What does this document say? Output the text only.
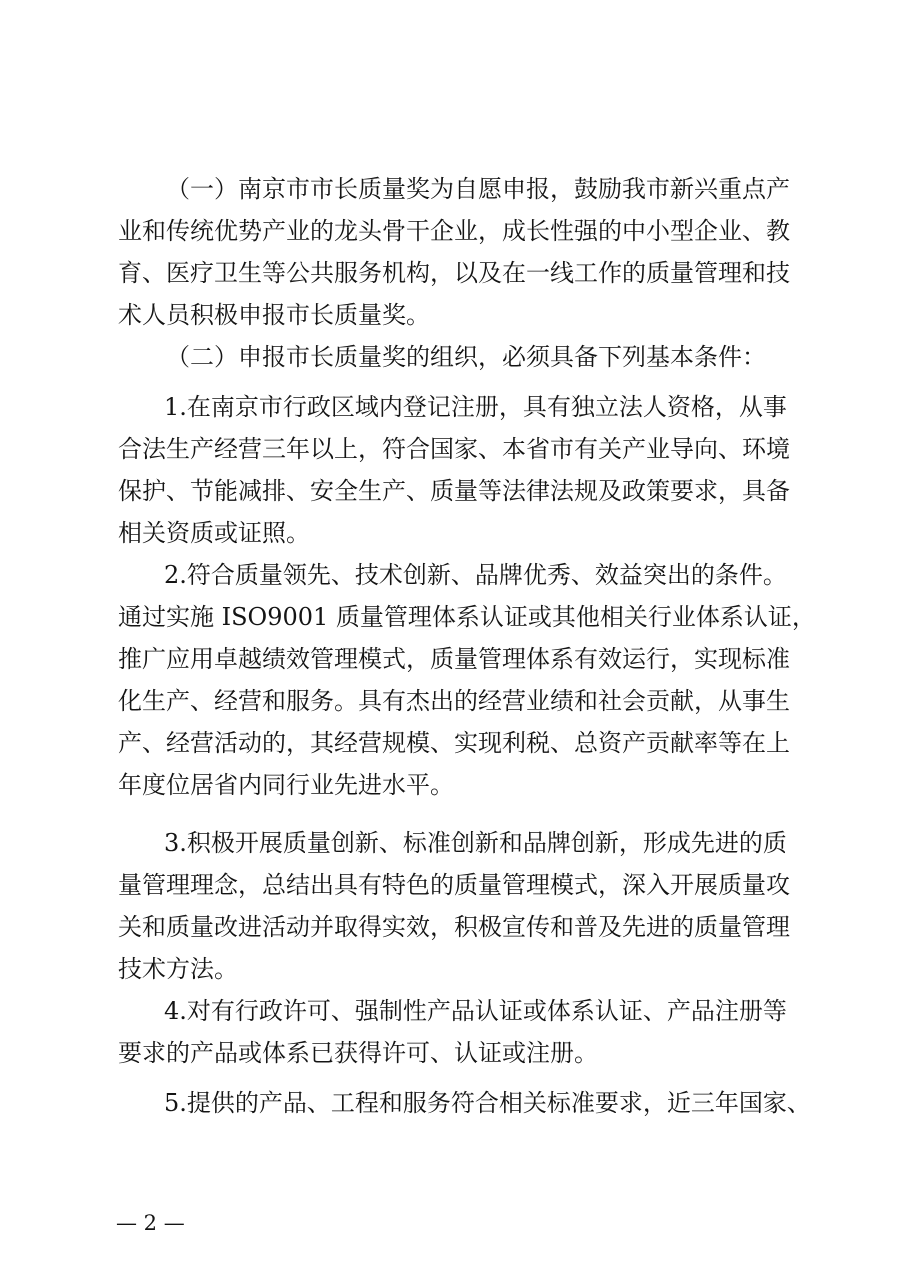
（一）南京市市长质量奖为自愿申报，鼓励我市新兴重点产

业和传统优势产业的龙头骨干企业，成长性强的中小型企业、教

育、医疗卫生等公共服务机构，以及在一线工作的质量管理和技

术人员积极申报市长质量奖。

（二）申报市长质量奖的组织，必须具备下列基本条件：

1.在南京市行政区域内登记注册，具有独立法人资格，从事

合法生产经营三年以上，符合国家、本省市有关产业导向、环境

保护、节能减排、安全生产、质量等法律法规及政策要求，具备

相关资质或证照。

2.符合质量领先、技术创新、品牌优秀、效益突出的条件。

通过实施 ISO9001 质量管理体系认证或其他相关行业体系认证，

推广应用卓越绩效管理模式，质量管理体系有效运行，实现标准

化生产、经营和服务。具有杰出的经营业绩和社会贡献，从事生

产、经营活动的，其经营规模、实现利税、总资产贡献率等在上

年度位居省内同行业先进水平。

3.积极开展质量创新、标准创新和品牌创新，形成先进的质

量管理理念，总结出具有特色的质量管理模式，深入开展质量攻

关和质量改进活动并取得实效，积极宣传和普及先进的质量管理

技术方法。

4.对有行政许可、强制性产品认证或体系认证、产品注册等

要求的产品或体系已获得许可、认证或注册。

5.提供的产品、工程和服务符合相关标准要求，近三年国家、

— 2 —
